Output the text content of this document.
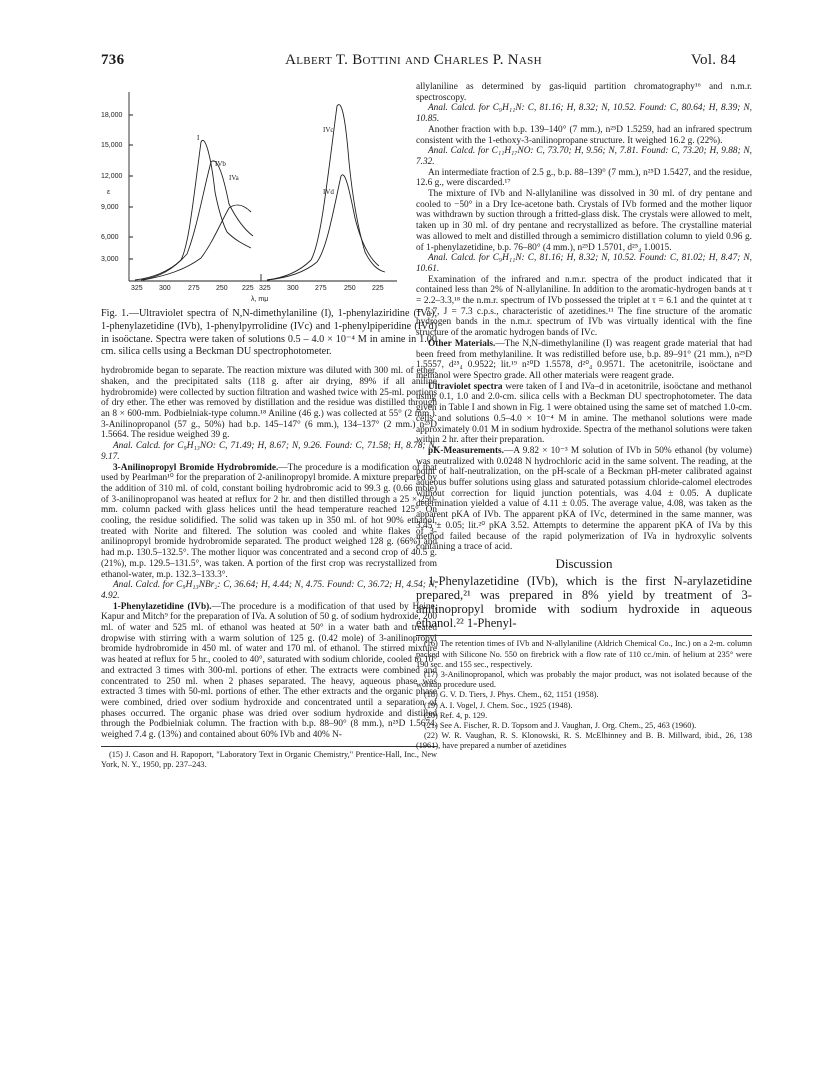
736	Albert T. Bottini and Charles P. Nash	Vol. 84
18,000
15,000
12,000
ε
9,000
6,000
3,000
325 300 275 250 225 325 300 275 250 225
λ, mμ
I
IVb
IVa
IVc
IVd

Fig. 1.—Ultraviolet spectra of N,N-dimethylaniline (I), 1-phenylaziridine (IVa), 1-phenylazetidine (IVb), 1-phenylpyrrolidine (IVc) and 1-phenylpiperidine (IVd) in isoöctane. Spectra were taken of solutions 0.5 – 4.0 × 10⁻⁴ M in amine in 1.00 cm. silica cells using a Beckman DU spectrophotometer.

hydrobromide began to separate. The reaction mixture was diluted with 300 ml. of ether, shaken, and the precipitated salts (118 g. after air drying, 89% if all aniline hydrobromide) were collected by suction filtration and washed twice with 25-ml. portions of dry ether. The ether was removed by distillation and the residue was distilled through an 8 × 600-mm. Podbielniak-type column.¹⁸ Aniline (46 g.) was collected at 55° (2 mm.). 3-Anilinopropanol (57 g., 50%) had b.p. 145–147° (6 mm.), 134–137° (2 mm.) n²⁵D 1.5664. The residue weighed 39 g.

Anal. Calcd. for C₉H₁₃NO: C, 71.49; H, 8.67; N, 9.26. Found: C, 71.58; H, 8.78; N, 9.17.

3-Anilinopropyl Bromide Hydrobromide.—The procedure is a modification of that used by Pearlman¹⁰ for the preparation of 2-anilinopropyl bromide. A mixture prepared by the addition of 310 ml. of cold, constant boiling hydrobromic acid to 99.3 g. (0.66 mole) of 3-anilinopropanol was heated at reflux for 2 hr. and then distilled through a 25 × 250-mm. column packed with glass helices until the head temperature reached 125°. On cooling, the residue solidified. The solid was taken up in 350 ml. of hot 90% ethanol, treated with Norite and filtered. The solution was cooled and white flakes of 3-anilinopropyl bromide hydrobromide separated. The product weighed 128 g. (66%) and had m.p. 130.5–132.5°. The mother liquor was concentrated and a second crop of 40.5 g. (21%), m.p. 129.5–131.5°, was taken. A portion of the first crop was recrystallized from ethanol-water, m.p. 132.3–133.3°.

Anal. Calcd. for C₉H₁₃NBr₂: C, 36.64; H, 4.44; N, 4.75. Found: C, 36.72; H, 4.54; N, 4.92.

1-Phenylazetidine (IVb).—The procedure is a modification of that used by Heine, Kapur and Mitch⁹ for the preparation of IVa. A solution of 50 g. of sodium hydroxide, 200 ml. of water and 525 ml. of ethanol was heated at 50° in a water bath and treated dropwise with stirring with a warm solution of 125 g. (0.42 mole) of 3-anilinopropyl bromide hydrobromide in 450 ml. of water and 170 ml. of ethanol. The stirred mixture was heated at reflux for 5 hr., cooled to 40°, saturated with sodium chloride, cooled to 10° and extracted 3 times with 300-ml. portions of ether. The extracts were combined and concentrated to 250 ml. when 2 phases separated. The heavy, aqueous phase was extracted 3 times with 50-ml. portions of ether. The ether extracts and the organic phase were combined, dried over sodium hydroxide and concentrated until a separation of phases occurred. The organic phase was dried over sodium hydroxide and distilled through the Podbielniak column. The fraction with b.p. 88–90° (8 mm.), n²⁵D 1.5674, weighed 7.4 g. (13%) and contained about 60% IVb and 40% N-

(15) J. Cason and H. Rapoport, "Laboratory Text in Organic Chemistry," Prentice-Hall, Inc., New York, N. Y., 1950, pp. 237–243.

allylaniline as determined by gas-liquid partition chromatography¹⁶ and n.m.r. spectroscopy.

Anal. Calcd. for C₉H₁₁N: C, 81.16; H, 8.32; N, 10.52. Found: C, 80.64; H, 8.39; N, 10.85.

Another fraction with b.p. 139–140° (7 mm.), n²⁵D 1.5259, had an infrared spectrum consistent with the 1-ethoxy-3-anilinopropane structure. It weighed 16.2 g. (22%).

Anal. Calcd. for C₁₁H₁₇NO: C, 73.70; H, 9.56; N, 7.81. Found: C, 73.20; H, 9.88; N, 7.32.

An intermediate fraction of 2.5 g., b.p. 88–139° (7 mm.), n²⁵D 1.5427, and the residue, 12.6 g., were discarded.¹⁷

The mixture of IVb and N-allylaniline was dissolved in 30 ml. of dry pentane and cooled to −50° in a Dry Ice-acetone bath. Crystals of IVb formed and the mother liquor was withdrawn by suction through a fritted-glass disk. The crystals were allowed to melt, taken up in 30 ml. of dry pentane and recrystallized as before. The crystalline material was allowed to melt and distilled through a semimicro distillation column to yield 0.96 g. of 1-phenylazetidine, b.p. 76–80° (4 mm.), n²⁵D 1.5701, d²⁵₄ 1.0015.

Anal. Calcd. for C₉H₁₁N: C, 81.16; H, 8.32; N, 10.52. Found: C, 81.02; H, 8.47; N, 10.61.

Examination of the infrared and n.m.r. spectra of the product indicated that it contained less than 2% of N-allylaniline. In addition to the aromatic-hydrogen bands at τ = 2.2–3.3,¹⁸ the n.m.r. spectrum of IVb possessed the triplet at τ = 6.1 and the quintet at τ = 7.7, J = 7.3 c.p.s., characteristic of azetidines.¹¹ The fine structure of the aromatic hydrogen bands in the n.m.r. spectrum of IVb was virtually identical with the fine structure of the aromatic hydrogen bands of IVc.

Other Materials.—The N,N-dimethylaniline (I) was reagent grade material that had been freed from methylaniline. It was redistilled before use, b.p. 89–91° (21 mm.), n²⁵D 1.5557, d²⁵₄ 0.9522; lit.¹⁹ n²⁰D 1.5578, d²⁰₄ 0.9571. The acetonitrile, isoöctane and methanol were Spectro grade. All other materials were reagent grade.

Ultraviolet spectra were taken of I and IVa–d in acetonitrile, isoöctane and methanol using 0.1, 1.0 and 2.0-cm. silica cells with a Beckman DU spectrophotometer. The data given in Table I and shown in Fig. 1 were obtained using the same set of matched 1.0-cm. cells and solutions 0.5–4.0 × 10⁻⁴ M in amine. The methanol solutions were made approximately 0.01 M in sodium hydroxide. Spectra of the methanol solutions were taken within 2 hr. after their preparation.

pK-Measurements.—A 9.82 × 10⁻³ M solution of IVb in 50% ethanol (by volume) was neutralized with 0.0248 N hydrochloric acid in the same solvent. The reading, at the point of half-neutralization, on the pH-scale of a Beckman pH-meter calibrated against aqueous buffer solutions using glass and saturated potassium chloride-calomel electrodes without correction for liquid junction potentials, was 4.04 ± 0.05. A duplicate determination yielded a value of 4.11 ± 0.05. The average value, 4.08, was taken as the apparent pKA of IVb. The apparent pKA of IVc, determined in the same manner, was 3.45 ± 0.05; lit.²⁰ pKA 3.52. Attempts to determine the apparent pKA of IVa by this method failed because of the rapid polymerization of IVa in hydroxylic solvents containing a trace of acid.

Discussion

1-Phenylazetidine (IVb), which is the first N-arylazetidine prepared,²¹ was prepared in 8% yield by treatment of 3-anilinopropyl bromide with sodium hydroxide in aqueous ethanol.²² 1-Phenyl-

(16) The retention times of IVb and N-allylaniline (Aldrich Chemical Co., Inc.) on a 2-m. column packed with Silicone No. 550 on firebrick with a flow rate of 110 cc./min. of helium at 235° were 190 sec. and 155 sec., respectively.

(17) 3-Anilinopropanol, which was probably the major product, was not isolated because of the workup procedure used.

(18) G. V. D. Tiers, J. Phys. Chem., 62, 1151 (1958).

(19) A. I. Vogel, J. Chem. Soc., 1925 (1948).

(20) Ref. 4, p. 129.

(21) See A. Fischer, R. D. Topsom and J. Vaughan, J. Org. Chem., 25, 463 (1960).

(22) W. R. Vaughan, R. S. Klonowski, R. S. McElhinney and B. B. Millward, ibid., 26, 138 (1961), have prepared a number of azetidines
